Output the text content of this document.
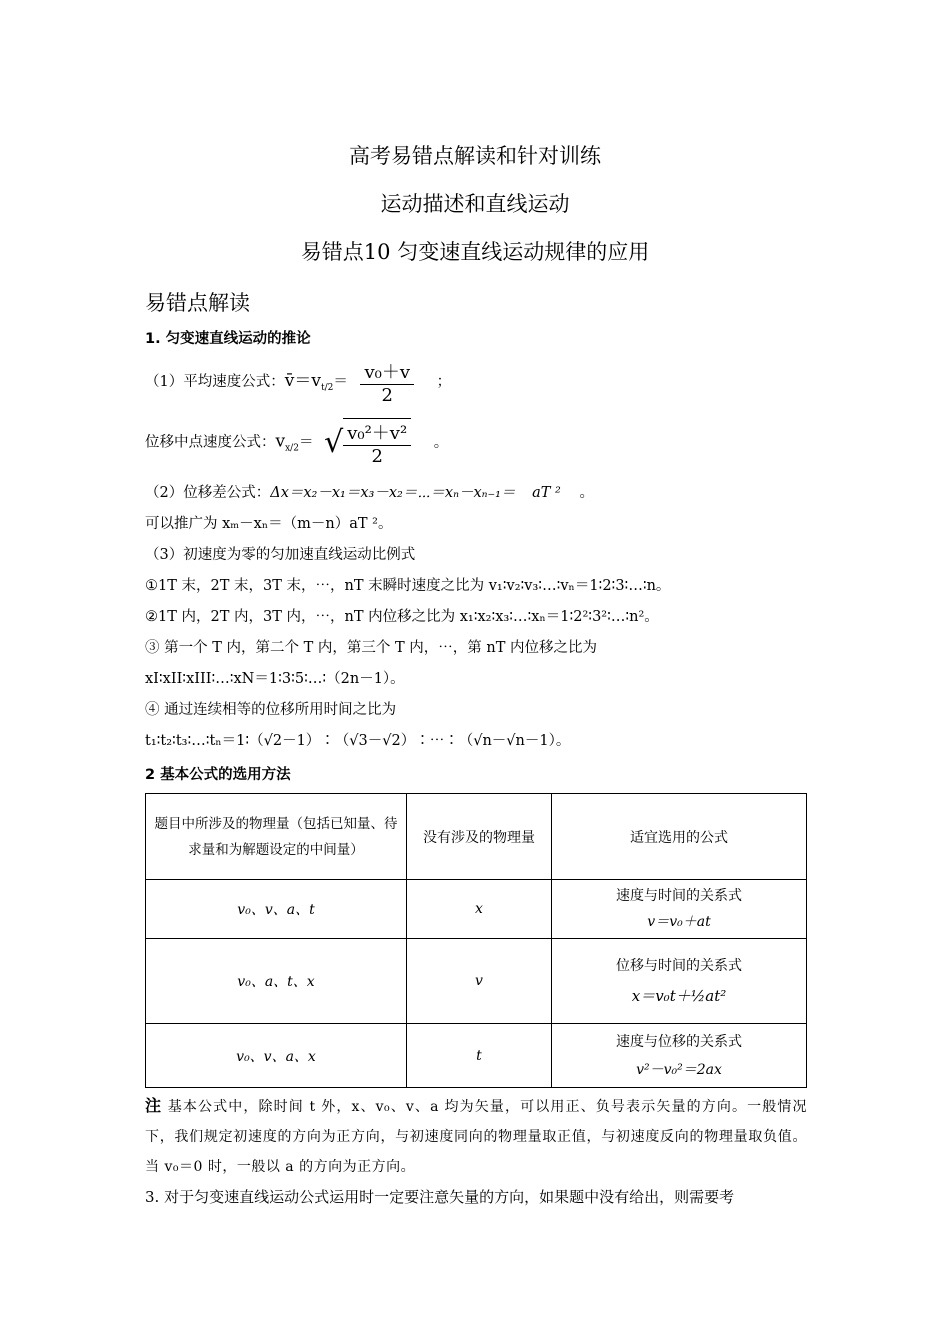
高考易错点解读和针对训练
运动描述和直线运动
易错点10 匀变速直线运动规律的应用
易错点解读
1. 匀变速直线运动的推论
（1）平均速度公式：$v̄=v_{t/2}= \frac{\text{v₀＋v}}{2}$ ；
位移中点速度公式：$v_{x/2}=$ √ $\frac{\text{v₀²＋v²}}{2}$ 。
（2）位移差公式：Δx＝x₂－x₁＝x₃－x₂＝⋯＝xₙ－xₙ₋₁＝ aT ² 。
可以推广为 xₘ－xₙ＝（m－n）aT ²。
（3）初速度为零的匀加速直线运动比例式
①1T 末，2T 末，3T 末，⋯，nT 末瞬时速度之比为 v₁∶v₂∶v₃∶…∶vₙ＝1∶2∶3∶…∶n。
②1T 内，2T 内，3T 内，⋯，nT 内位移之比为 x₁∶x₂∶x₃∶…∶xₙ＝1∶2²∶3²∶…∶n²。
③ 第一个 T 内，第二个 T 内，第三个 T 内，⋯，第 nT 内位移之比为
xI∶xII∶xIII∶…∶xN＝1∶3∶5∶…∶（2n－1）。
④ 通过连续相等的位移所用时间之比为
t₁∶t₂∶t₃∶…∶tₙ＝1∶（√2－1）∶（√3－√2）∶⋯∶（√n－√n－1）。
2 基本公式的选用方法
题目中所涉及的物理量（包括已知量、待求量和为解题设定的中间量）	没有涉及的物理量	适宜选用的公式
v₀、v、a、t	x	速度与时间的关系式
v＝v₀＋at
v₀、a、t、x	v	位移与时间的关系式
x＝v₀t＋½at²
v₀、v、a、x	t	速度与位移的关系式
v²－v₀²＝2ax
注 基本公式中，除时间 t 外，x、v₀、v、a 均为矢量，可以用正、负号表示矢量的方向。一般情况下，我们规定初速度的方向为正方向，与初速度同向的物理量取正值，与初速度反向的物理量取负值。当 v₀＝0 时，一般以 a 的方向为正方向。
3. 对于匀变速直线运动公式运用时一定要注意矢量的方向，如果题中没有给出，则需要考
